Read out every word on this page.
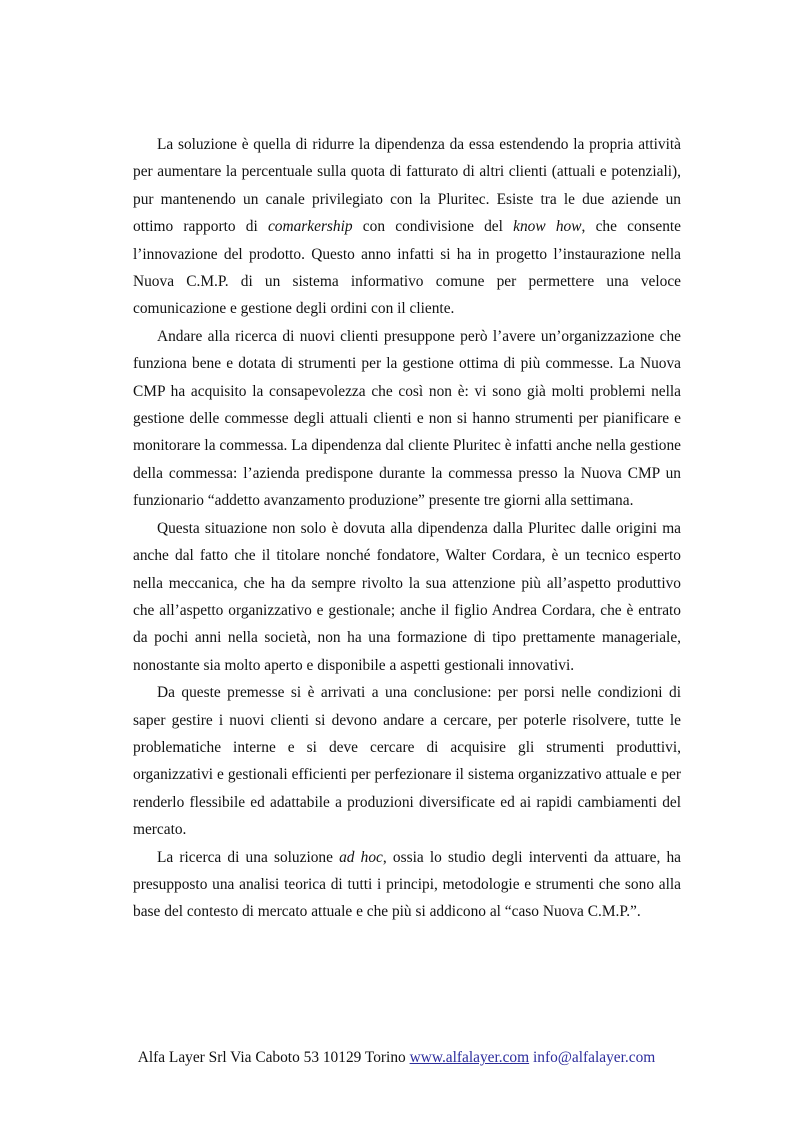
La soluzione è quella di ridurre la dipendenza da essa estendendo la propria attività per aumentare la percentuale sulla quota di fatturato di altri clienti (attuali e potenziali), pur mantenendo un canale privilegiato con la Pluritec. Esiste tra le due aziende un ottimo rapporto di comarkership con condivisione del know how, che consente l’innovazione del prodotto. Questo anno infatti si ha in progetto l’instaurazione nella Nuova C.M.P. di un sistema informativo comune per permettere una veloce comunicazione e gestione degli ordini con il cliente.

Andare alla ricerca di nuovi clienti presuppone però l’avere un’organizzazione che funziona bene e dotata di strumenti per la gestione ottima di più commesse. La Nuova CMP ha acquisito la consapevolezza che così non è: vi sono già molti problemi nella gestione delle commesse degli attuali clienti e non si hanno strumenti per pianificare e monitorare la commessa. La dipendenza dal cliente Pluritec è infatti anche nella gestione della commessa: l’azienda predispone durante la commessa presso la Nuova CMP un funzionario “addetto avanzamento produzione” presente tre giorni alla settimana.

Questa situazione non solo è dovuta alla dipendenza dalla Pluritec dalle origini ma anche dal fatto che il titolare nonché fondatore, Walter Cordara, è un tecnico esperto nella meccanica, che ha da sempre rivolto la sua attenzione più all’aspetto produttivo che all’aspetto organizzativo e gestionale; anche il figlio Andrea Cordara, che è entrato da pochi anni nella società, non ha una formazione di tipo prettamente manageriale, nonostante sia molto aperto e disponibile a aspetti gestionali innovativi.

Da queste premesse si è arrivati a una conclusione: per porsi nelle condizioni di saper gestire i nuovi clienti si devono andare a cercare, per poterle risolvere, tutte le problematiche interne e si deve cercare di acquisire gli strumenti produttivi, organizzativi e gestionali efficienti per perfezionare il sistema organizzativo attuale e per renderlo flessibile ed adattabile a produzioni diversificate ed ai rapidi cambiamenti del mercato.

La ricerca di una soluzione ad hoc, ossia lo studio degli interventi da attuare, ha presupposto una analisi teorica di tutti i principi, metodologie e strumenti che sono alla base del contesto di mercato attuale e che più si addicono al “caso Nuova C.M.P.”.

Alfa Layer Srl Via Caboto 53 10129 Torino www.alfalayer.com info@alfalayer.com
